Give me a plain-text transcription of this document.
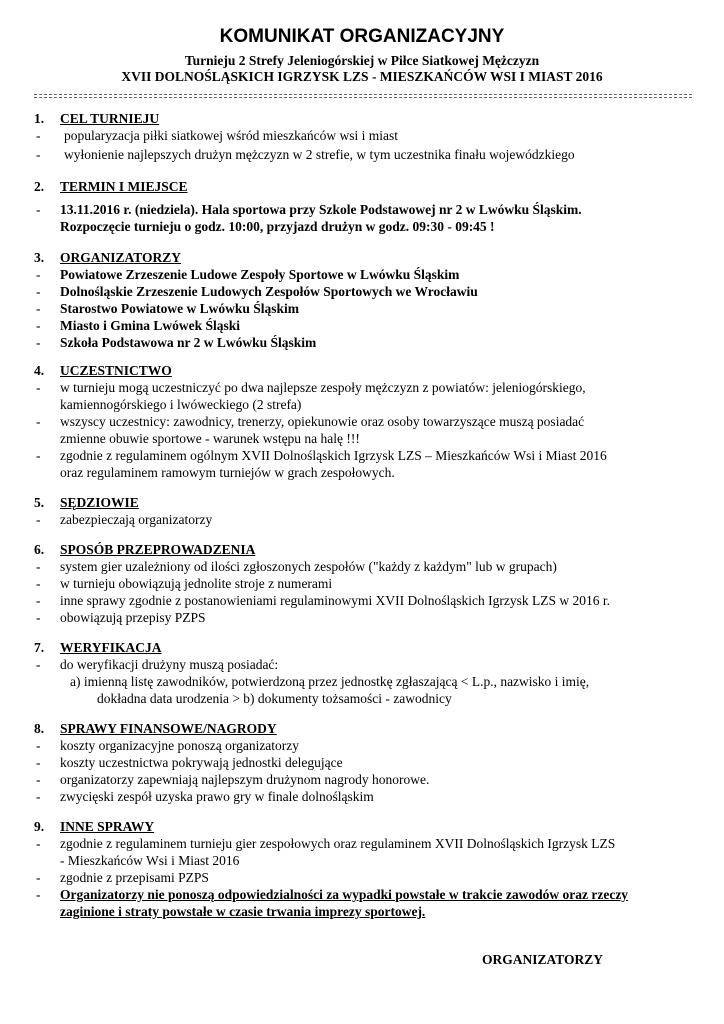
KOMUNIKAT ORGANIZACYJNY
Turnieju 2 Strefy Jeleniogórskiej w Piłce Siatkowej Mężczyzn
XVII DOLNOŚLĄSKICH IGRZYSK LZS - MIESZKAŃCÓW WSI I MIAST 2016
1. CEL TURNIEJU
- popularyzacja piłki siatkowej wśród mieszkańców wsi i miast
- wyłonienie najlepszych drużyn mężczyzn w 2 strefie, w tym uczestnika finału wojewódzkiego
2. TERMIN I MIEJSCE
- 13.11.2016 r. (niedziela). Hala sportowa przy Szkole Podstawowej nr 2 w Lwówku Śląskim.
Rozpoczęcie turnieju o godz. 10:00, przyjazd drużyn w godz. 09:30 - 09:45 !
3. ORGANIZATORZY
- Powiatowe Zrzeszenie Ludowe Zespoły Sportowe w Lwówku Śląskim
- Dolnośląskie Zrzeszenie Ludowych Zespołów Sportowych we Wrocławiu
- Starostwo Powiatowe w Lwówku Śląskim
- Miasto i Gmina Lwówek Śląski
- Szkoła Podstawowa nr 2 w Lwówku Śląskim
4. UCZESTNICTWO
- w turnieju mogą uczestniczyć po dwa najlepsze zespoły mężczyzn z powiatów: jeleniogórskiego,
kamiennogórskiego i lwóweckiego (2 strefa)
- wszyscy uczestnicy: zawodnicy, trenerzy, opiekunowie oraz osoby towarzyszące muszą posiadać
zmienne obuwie sportowe - warunek wstępu na halę !!!
- zgodnie z regulaminem ogólnym XVII Dolnośląskich Igrzysk LZS – Mieszkańców Wsi i Miast 2016
oraz regulaminem ramowym turniejów w grach zespołowych.
5. SĘDZIOWIE
- zabezpieczają organizatorzy
6. SPOSÓB PRZEPROWADZENIA
- system gier uzależniony od ilości zgłoszonych zespołów ("każdy z każdym" lub w grupach)
- w turnieju obowiązują jednolite stroje z numerami
- inne sprawy zgodnie z postanowieniami regulaminowymi XVII Dolnośląskich Igrzysk LZS w 2016 r.
- obowiązują przepisy PZPS
7. WERYFIKACJA
- do weryfikacji drużyny muszą posiadać:
a) imienną listę zawodników, potwierdzoną przez jednostkę zgłaszającą < L.p., nazwisko i imię,
dokładna data urodzenia > b) dokumenty tożsamości - zawodnicy
8. SPRAWY FINANSOWE/NAGRODY
- koszty organizacyjne ponoszą organizatorzy
- koszty uczestnictwa pokrywają jednostki delegujące
- organizatorzy zapewniają najlepszym drużynom nagrody honorowe.
- zwycięski zespół uzyska prawo gry w finale dolnośląskim
9. INNE SPRAWY
- zgodnie z regulaminem turnieju gier zespołowych oraz regulaminem XVII Dolnośląskich Igrzysk LZS
- Mieszkańców Wsi i Miast 2016
- zgodnie z przepisami PZPS
- Organizatorzy nie ponoszą odpowiedzialności za wypadki powstałe w trakcie zawodów oraz rzeczy
zaginione i straty powstałe w czasie trwania imprezy sportowej.
ORGANIZATORZY
